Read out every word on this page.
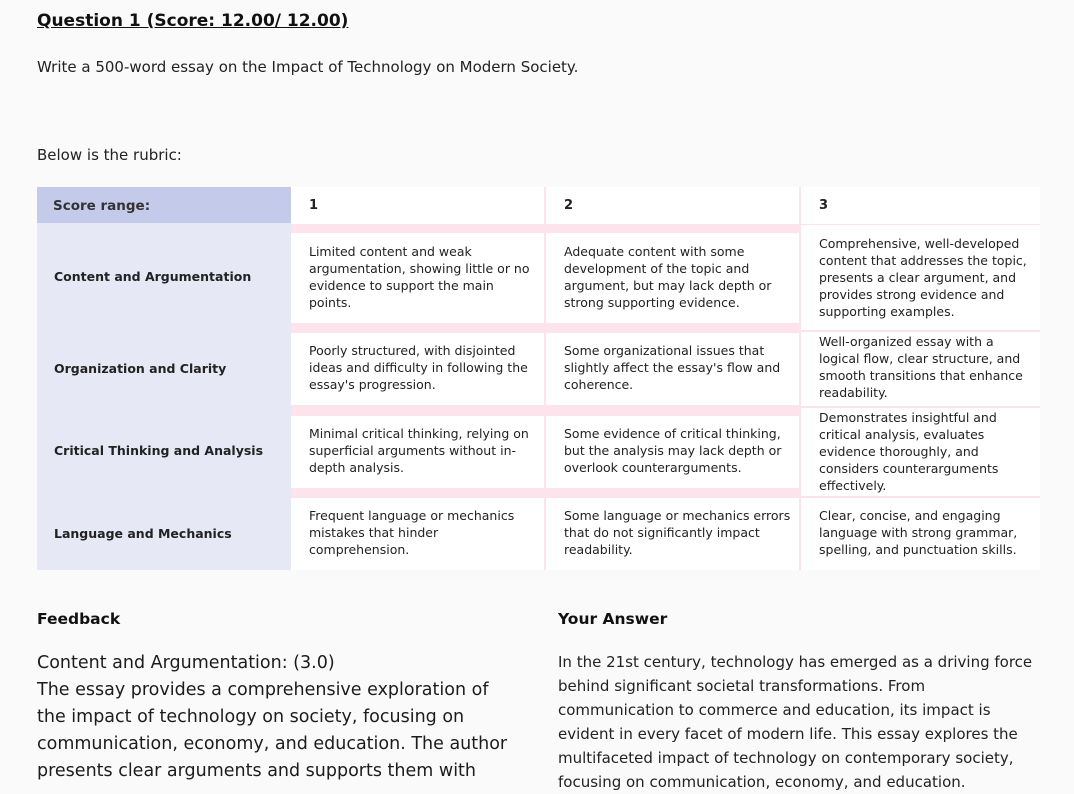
Question 1 (Score: 12.00/ 12.00)

Write a 500-word essay on the Impact of Technology on Modern Society.

Below is the rubric:

Score range:
Content and Argumentation
Organization and Clarity
Critical Thinking and Analysis
Language and Mechanics
1	2	3
Limited content and weak argumentation, showing little or no evidence to support the main points.
Adequate content with some development of the topic and argument, but may lack depth or strong supporting evidence.
Comprehensive, well-developed content that addresses the topic, presents a clear argument, and provides strong evidence and supporting examples.
Poorly structured, with disjointed ideas and difficulty in following the essay's progression.
Some organizational issues that slightly affect the essay's flow and coherence.
Well-organized essay with a logical flow, clear structure, and smooth transitions that enhance readability.
Minimal critical thinking, relying on superficial arguments without in-depth analysis.
Some evidence of critical thinking, but the analysis may lack depth or overlook counterarguments.
Demonstrates insightful and critical analysis, evaluates evidence thoroughly, and considers counterarguments effectively.
Frequent language or mechanics mistakes that hinder comprehension.
Some language or mechanics errors that do not significantly impact readability.
Clear, concise, and engaging language with strong grammar, spelling, and punctuation skills.
Feedback
Content and Argumentation: (3.0)
The essay provides a comprehensive exploration of the impact of technology on society, focusing on communication, economy, and education. The author presents clear arguments and supports them with
Your Answer

In the 21st century, technology has emerged as a driving force behind significant societal transformations. From communication to commerce and education, its impact is evident in every facet of modern life. This essay explores the multifaceted impact of technology on contemporary society, focusing on communication, economy, and education.
